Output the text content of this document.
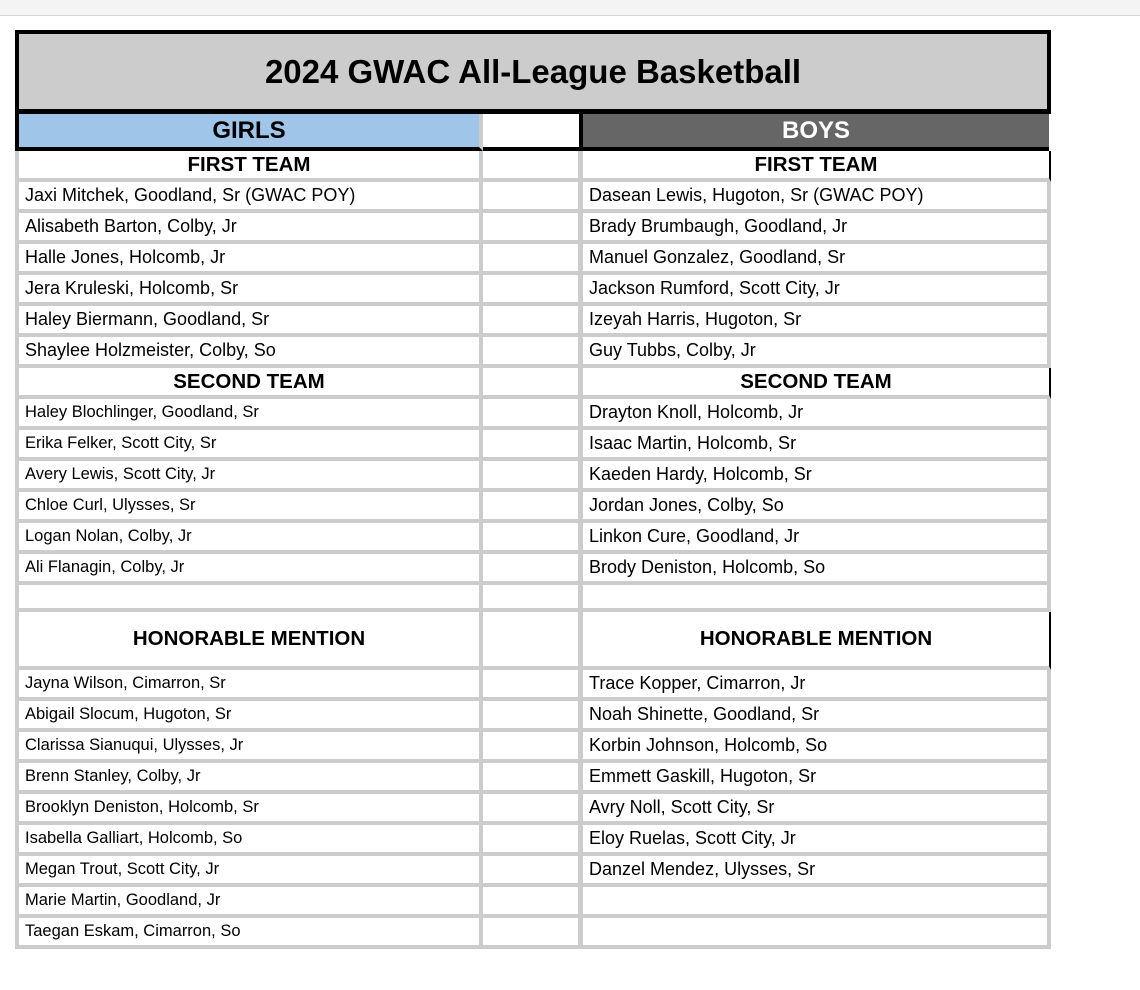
2024 GWAC All-League Basketball
GIRLS	BOYS
FIRST TEAM	FIRST TEAM
Jaxi Mitchek, Goodland, Sr (GWAC POY)	Dasean Lewis, Hugoton, Sr (GWAC POY)
Alisabeth Barton, Colby, Jr	Brady Brumbaugh, Goodland, Jr
Halle Jones, Holcomb, Jr	Manuel Gonzalez, Goodland, Sr
Jera Kruleski, Holcomb, Sr	Jackson Rumford, Scott City, Jr
Haley Biermann, Goodland, Sr	Izeyah Harris, Hugoton, Sr
Shaylee Holzmeister, Colby, So	Guy Tubbs, Colby, Jr
SECOND TEAM	SECOND TEAM
Haley Blochlinger, Goodland, Sr	Drayton Knoll, Holcomb, Jr
Erika Felker, Scott City, Sr	Isaac Martin, Holcomb, Sr
Avery Lewis, Scott City, Jr	Kaeden Hardy, Holcomb, Sr
Chloe Curl, Ulysses, Sr	Jordan Jones, Colby, So
Logan Nolan, Colby, Jr	Linkon Cure, Goodland, Jr
Ali Flanagin, Colby, Jr	Brody Deniston, Holcomb, So
HONORABLE MENTION	HONORABLE MENTION
Jayna Wilson, Cimarron, Sr	Trace Kopper, Cimarron, Jr
Abigail Slocum, Hugoton, Sr	Noah Shinette, Goodland, Sr
Clarissa Sianuqui, Ulysses, Jr	Korbin Johnson, Holcomb, So
Brenn Stanley, Colby, Jr	Emmett Gaskill, Hugoton, Sr
Brooklyn Deniston, Holcomb, Sr	Avry Noll, Scott City, Sr
Isabella Galliart, Holcomb, So	Eloy Ruelas, Scott City, Jr
Megan Trout, Scott City, Jr	Danzel Mendez, Ulysses, Sr
Marie Martin, Goodland, Jr
Taegan Eskam, Cimarron, So
